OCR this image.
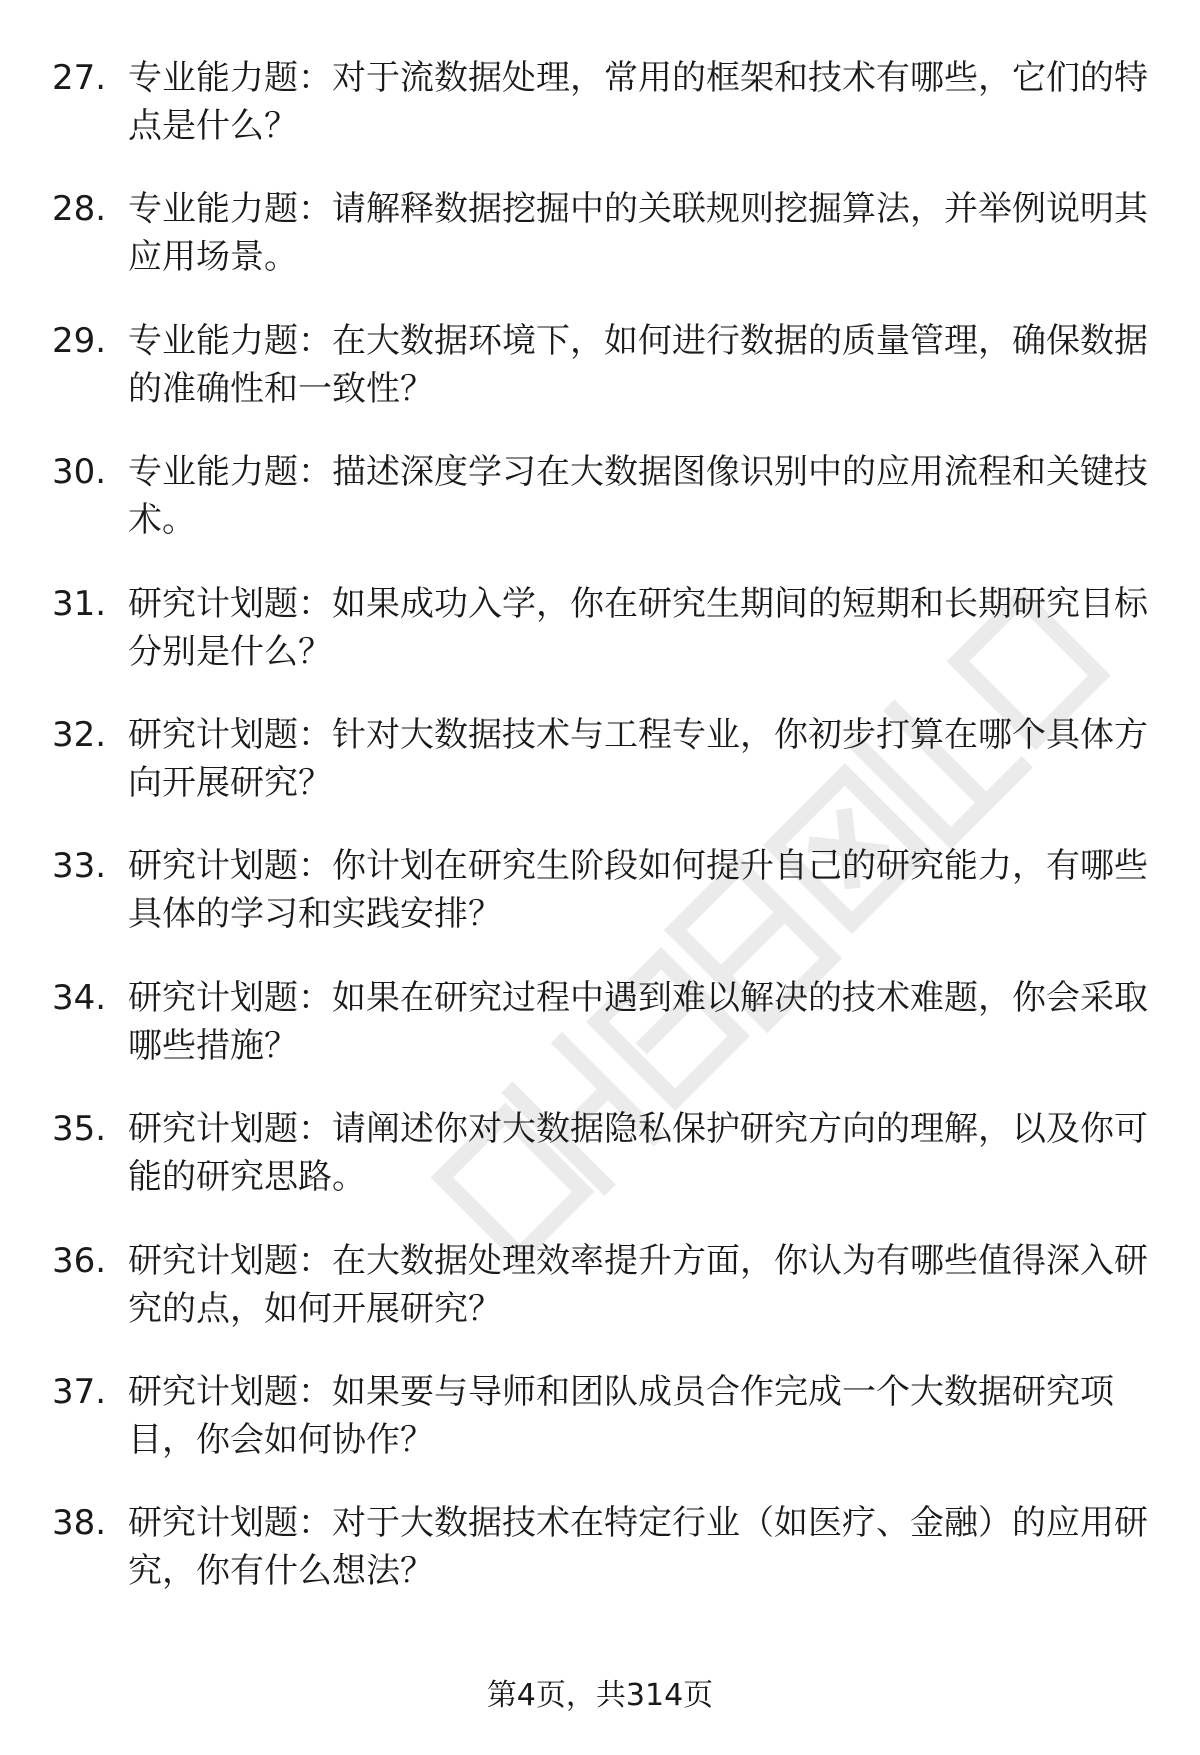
27. 专业能力题：对于流数据处理，常用的框架和技术有哪些，它们的特点是什么？
28. 专业能力题：请解释数据挖掘中的关联规则挖掘算法，并举例说明其应用场景。
29. 专业能力题：在大数据环境下，如何进行数据的质量管理，确保数据的准确性和一致性？
30. 专业能力题：描述深度学习在大数据图像识别中的应用流程和关键技术。
31. 研究计划题：如果成功入学，你在研究生期间的短期和长期研究目标分别是什么？
32. 研究计划题：针对大数据技术与工程专业，你初步打算在哪个具体方向开展研究？
33. 研究计划题：你计划在研究生阶段如何提升自己的研究能力，有哪些具体的学习和实践安排？
34. 研究计划题：如果在研究过程中遇到难以解决的技术难题，你会采取哪些措施？
35. 研究计划题：请阐述你对大数据隐私保护研究方向的理解，以及你可能的研究思路。
36. 研究计划题：在大数据处理效率提升方面，你认为有哪些值得深入研究的点，如何开展研究？
37. 研究计划题：如果要与导师和团队成员合作完成一个大数据研究项目，你会如何协作？
38. 研究计划题：对于大数据技术在特定行业（如医疗、金融）的应用研究，你有什么想法？
第4页，共314页
